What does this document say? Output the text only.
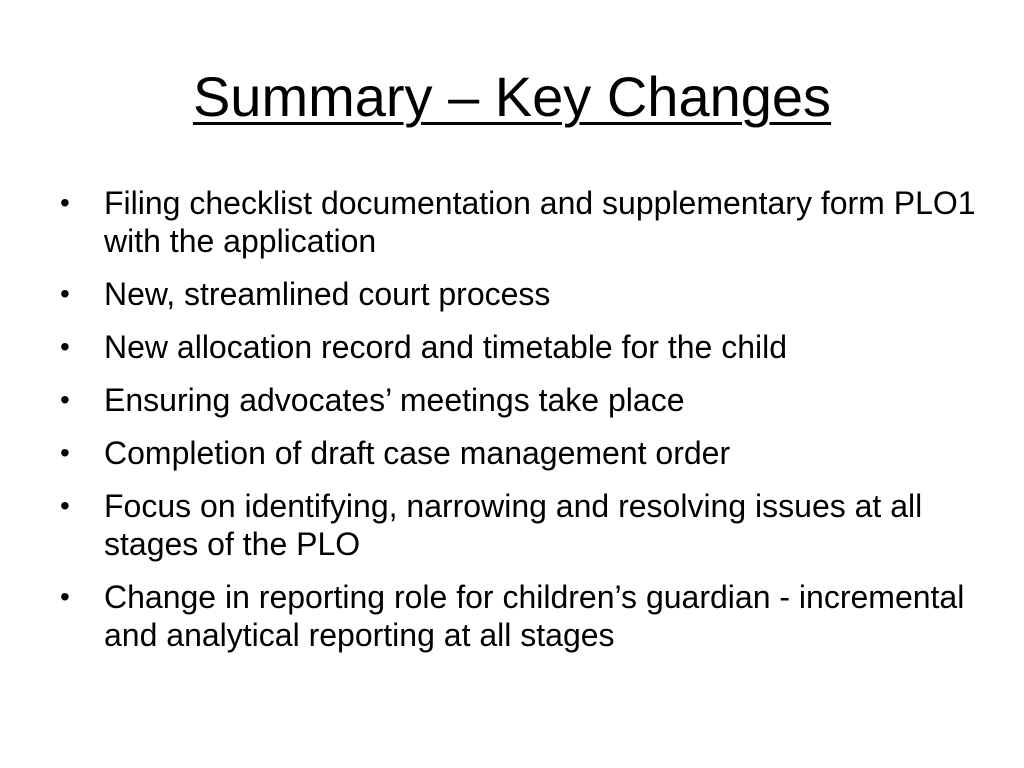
Summary – Key Changes
•	Filing checklist documentation and supplementary form PLO1 with the application
•	New, streamlined court process
•	New allocation record and timetable for the child
•	Ensuring advocates’ meetings take place
•	Completion of draft case management order
•	Focus on identifying, narrowing and resolving issues at all stages of the PLO
•	Change in reporting role for children’s guardian - incremental and analytical reporting at all stages
